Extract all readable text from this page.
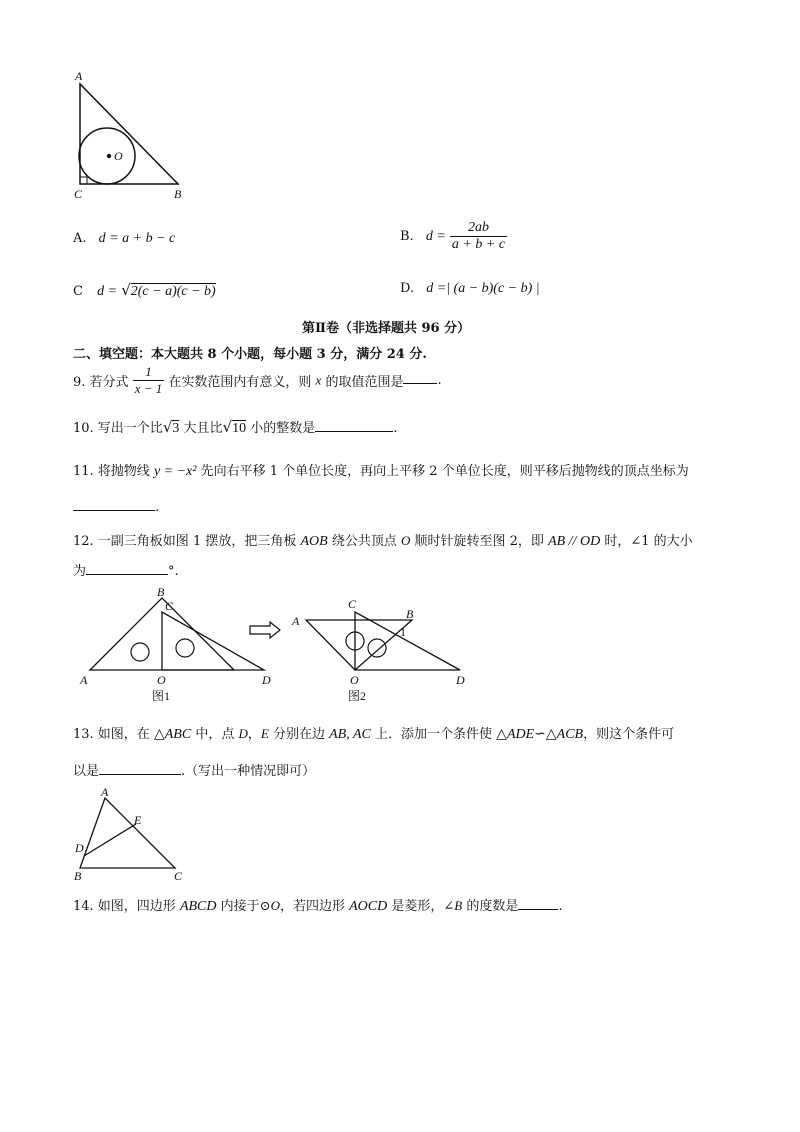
A
O
C	B
A. d = a + b − c	B. $d = \frac{2ab}{a + b + c}$
C d = √2(c − a)(c − b)	D. d =| (a − b)(c − b) |
第Ⅱ卷（非选择题共 96 分）
二、填空题：本大题共 8 个小题，每小题 3 分，满分 24 分.
9. 若分式 $\frac{1}{x - 1}$ 在实数范围内有意义，则 x 的取值范围是	.
10. 写出一个比√3 大且比√10 小的整数是	.
11. 将抛物线 y = −x² 先向右平移 1 个单位长度，再向上平移 2 个单位长度，则平移后抛物线的顶点坐标为
.
12. 一副三角板如图 1 摆放，把三角板 AOB 绕公共顶点 O 顺时针旋转至图 2，即 AB // OD 时，∠1 的大小
为	°.
B
C
A	O	D
图1
C
B
A
1
O	D
图2
13. 如图，在 △ABC 中，点 D，E 分别在边 AB, AC 上．添加一个条件使 △ADE∽△ACB，则这个条件可
以是	.（写出一种情况即可）
A
E
D
B	C
14. 如图，四边形 ABCD 内接于⊙O，若四边形 AOCD 是菱形，∠B 的度数是	.
